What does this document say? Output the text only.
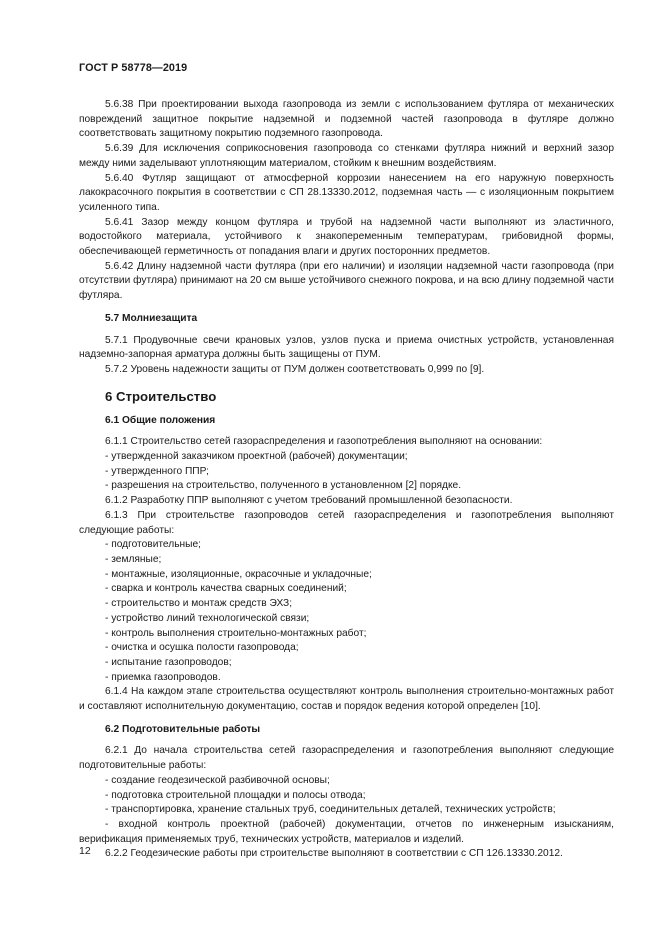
ГОСТ Р 58778—2019

5.6.38 При проектировании выхода газопровода из земли с использованием футляра от механических повреждений защитное покрытие надземной и подземной частей газопровода в футляре должно соответствовать защитному покрытию подземного газопровода.

5.6.39 Для исключения соприкосновения газопровода со стенками футляра нижний и верхний зазор между ними заделывают уплотняющим материалом, стойким к внешним воздействиям.

5.6.40 Футляр защищают от атмосферной коррозии нанесением на его наружную поверхность лакокрасочного покрытия в соответствии с СП 28.13330.2012, подземная часть — с изоляционным покрытием усиленного типа.

5.6.41 Зазор между концом футляра и трубой на надземной части выполняют из эластичного, водостойкого материала, устойчивого к знакопеременным температурам, грибовидной формы, обеспечивающей герметичность от попадания влаги и других посторонних предметов.

5.6.42 Длину надземной части футляра (при его наличии) и изоляции надземной части газопровода (при отсутствии футляра) принимают на 20 см выше устойчивого снежного покрова, и на всю длину подземной части футляра.

5.7 Молниезащита

5.7.1 Продувочные свечи крановых узлов, узлов пуска и приема очистных устройств, установленная надземно-запорная арматура должны быть защищены от ПУМ.

5.7.2 Уровень надежности защиты от ПУМ должен соответствовать 0,999 по [9].

6 Строительство
6.1 Общие положения

6.1.1 Строительство сетей газораспределения и газопотребления выполняют на основании:

- утвержденной заказчиком проектной (рабочей) документации;

- утвержденного ППР;

- разрешения на строительство, полученного в установленном [2] порядке.

6.1.2 Разработку ППР выполняют с учетом требований промышленной безопасности.

6.1.3 При строительстве газопроводов сетей газораспределения и газопотребления выполняют следующие работы:

- подготовительные;

- земляные;

- монтажные, изоляционные, окрасочные и укладочные;

- сварка и контроль качества сварных соединений;

- строительство и монтаж средств ЭХЗ;

- устройство линий технологической связи;

- контроль выполнения строительно-монтажных работ;

- очистка и осушка полости газопровода;

- испытание газопроводов;

- приемка газопроводов.

6.1.4 На каждом этапе строительства осуществляют контроль выполнения строительно-монтажных работ и составляют исполнительную документацию, состав и порядок ведения которой определен [10].

6.2 Подготовительные работы

6.2.1 До начала строительства сетей газораспределения и газопотребления выполняют следующие подготовительные работы:

- создание геодезической разбивочной основы;

- подготовка строительной площадки и полосы отвода;

- транспортировка, хранение стальных труб, соединительных деталей, технических устройств;

- входной контроль проектной (рабочей) документации, отчетов по инженерным изысканиям, верификация применяемых труб, технических устройств, материалов и изделий.

6.2.2 Геодезические работы при строительстве выполняют в соответствии с СП 126.13330.2012.

12
